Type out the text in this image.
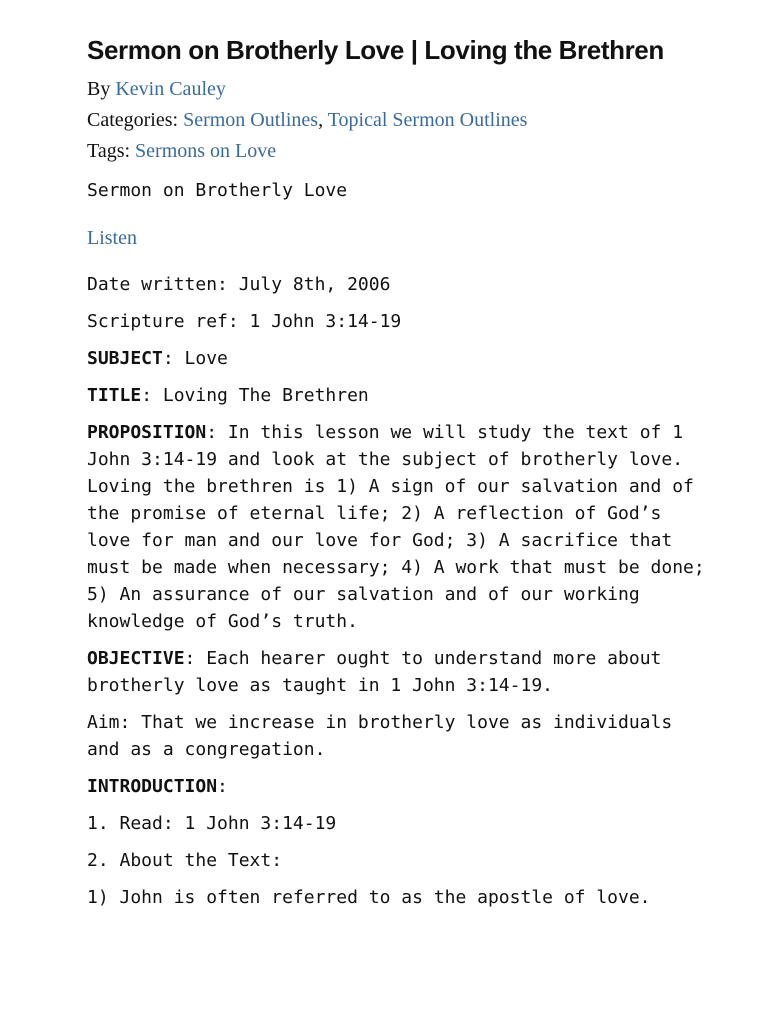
Sermon on Brotherly Love | Loving the Brethren

By Kevin Cauley

Categories: Sermon Outlines, Topical Sermon Outlines

Tags: Sermons on Love

Sermon on Brotherly Love

Listen

Date written: July 8th, 2006

Scripture ref: 1 John 3:14-19

SUBJECT: Love

TITLE: Loving The Brethren

PROPOSITION: In this lesson we will study the text of 1 John 3:14-19 and look at the subject of brotherly love. Loving the brethren is 1) A sign of our salvation and of the promise of eternal life; 2) A reflection of God’s love for man and our love for God; 3) A sacrifice that must be made when necessary; 4) A work that must be done; 5) An assurance of our salvation and of our working knowledge of God’s truth.

OBJECTIVE: Each hearer ought to understand more about brotherly love as taught in 1 John 3:14-19.

Aim: That we increase in brotherly love as individuals and as a congregation.

INTRODUCTION:

1. Read: 1 John 3:14-19

2. About the Text:

1) John is often referred to as the apostle of love.
